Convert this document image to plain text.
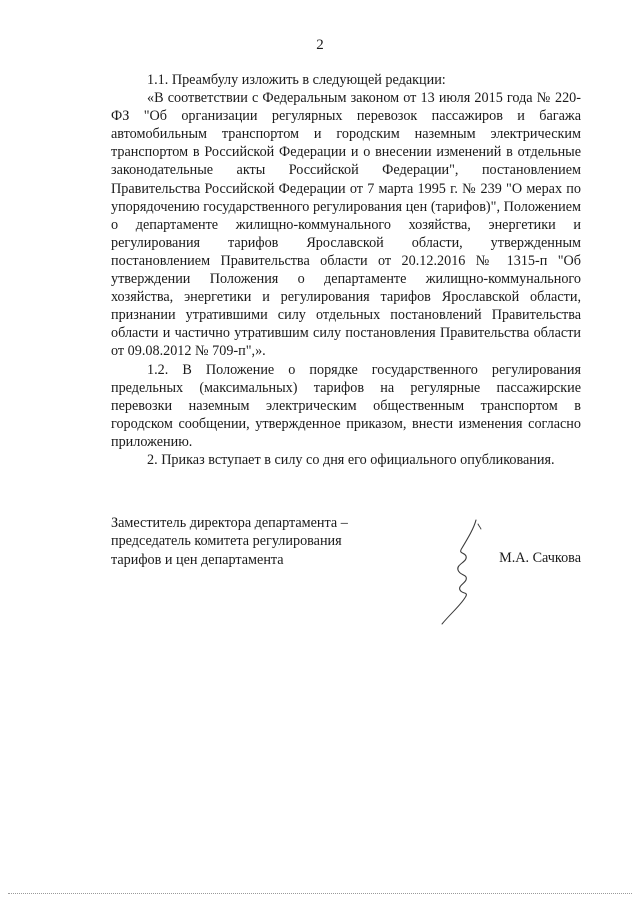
2

1.1. Преамбулу изложить в следующей редакции:

«В соответствии с Федеральным законом от 13 июля 2015 года № 220-ФЗ "Об организации регулярных перевозок пассажиров и багажа автомобильным транспортом и городским наземным электрическим транспортом в Российской Федерации и о внесении изменений в отдельные законодательные акты Российской Федерации", постановлением Правительства Российской Федерации от 7 марта 1995 г. № 239 "О мерах по упорядочению государственного регулирования цен (тарифов)", Положением о департаменте жилищно-коммунального хозяйства, энергетики и регулирования тарифов Ярославской области, утвержденным постановлением Правительства области от 20.12.2016 № 1315-п "Об утверждении Положения о департаменте жилищно-коммунального хозяйства, энергетики и регулирования тарифов Ярославской области, признании утратившими силу отдельных постановлений Правительства области и частично утратившим силу постановления Правительства области от 09.08.2012 № 709-п",».

1.2. В Положение о порядке государственного регулирования предельных (максимальных) тарифов на регулярные пассажирские перевозки наземным электрическим общественным транспортом в городском сообщении, утвержденное приказом, внести изменения согласно приложению.

2. Приказ вступает в силу со дня его официального опубликования.

Заместитель директора департамента –
председатель комитета регулирования
тарифов и цен департамента	М.А. Сачкова
